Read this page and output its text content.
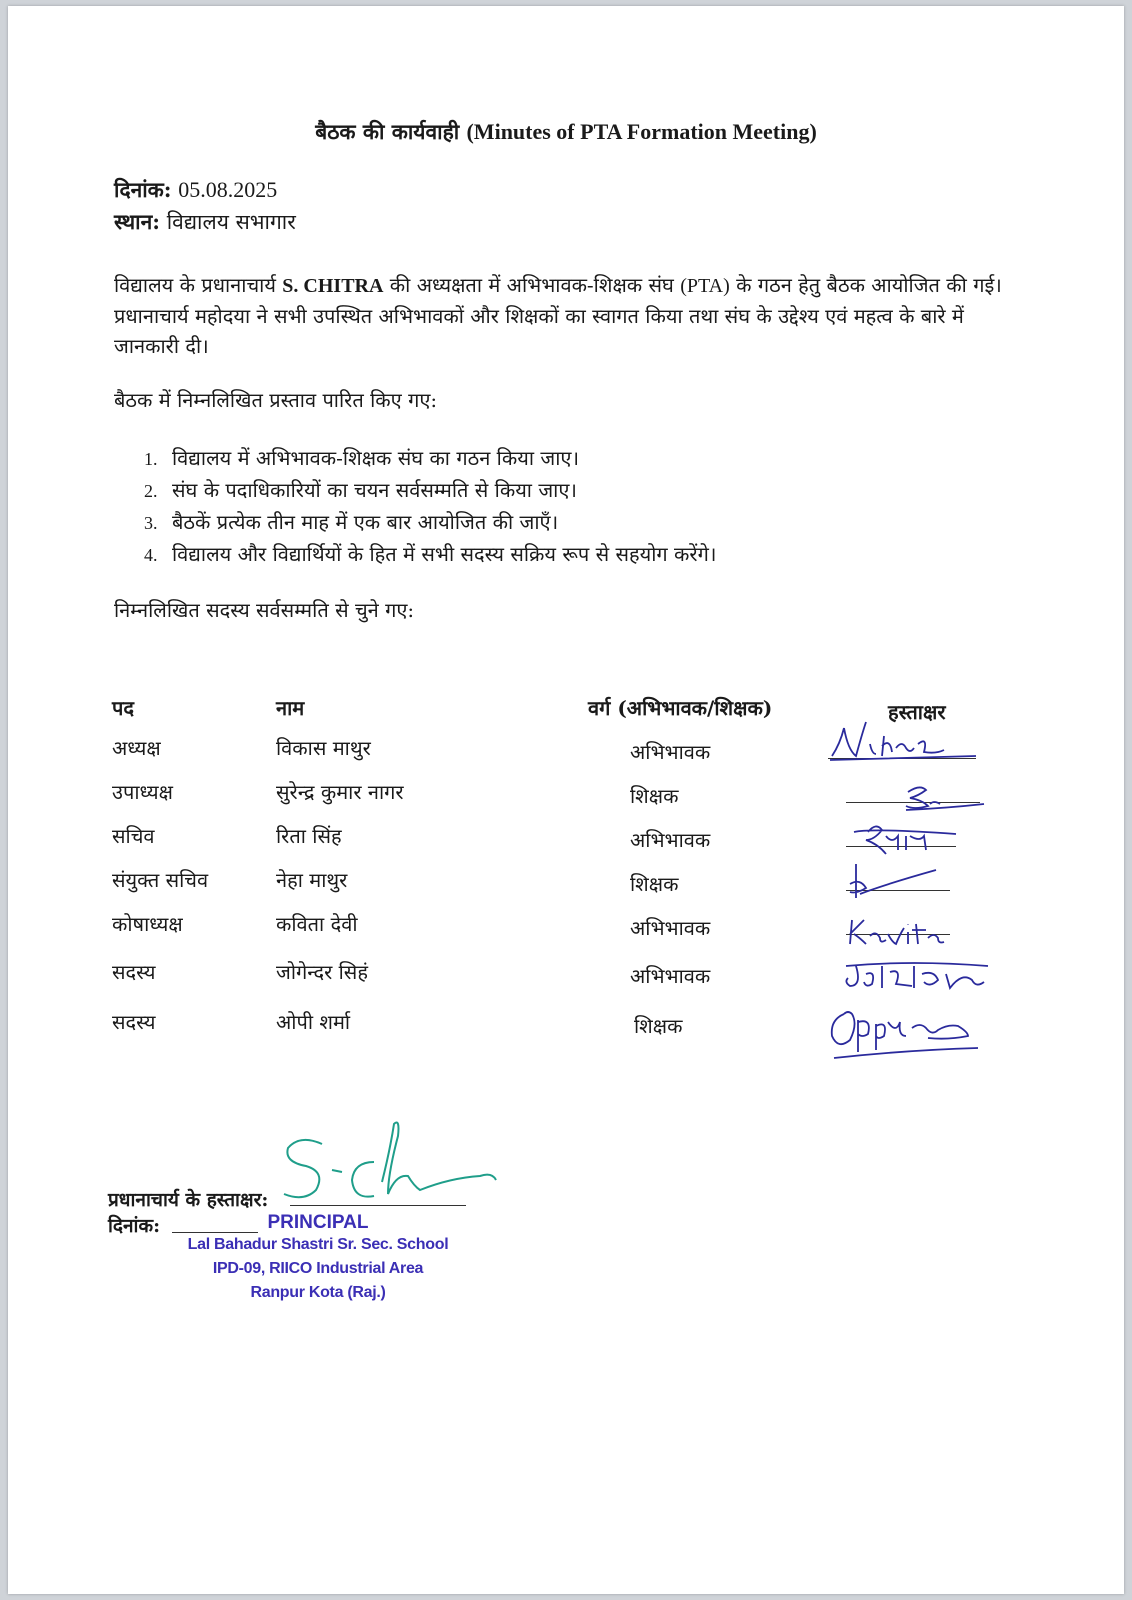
बैठक की कार्यवाही (Minutes of PTA Formation Meeting)
दिनांक: 05.08.2025
स्थान: विद्यालय सभागार
विद्यालय के प्रधानाचार्य S. CHITRA की अध्यक्षता में अभिभावक-शिक्षक संघ (PTA) के गठन हेतु बैठक आयोजित की गई। प्रधानाचार्य महोदया ने सभी उपस्थित अभिभावकों और शिक्षकों का स्वागत किया तथा संघ के उद्देश्य एवं महत्व के बारे में जानकारी दी।
बैठक में निम्नलिखित प्रस्ताव पारित किए गए:
1. विद्यालय में अभिभावक-शिक्षक संघ का गठन किया जाए।
2. संघ के पदाधिकारियों का चयन सर्वसम्मति से किया जाए।
3. बैठकें प्रत्येक तीन माह में एक बार आयोजित की जाएँ।
4. विद्यालय और विद्यार्थियों के हित में सभी सदस्य सक्रिय रूप से सहयोग करेंगे।
निम्नलिखित सदस्य सर्वसम्मति से चुने गए:
पद	नाम	वर्ग (अभिभावक/शिक्षक)	हस्ताक्षर
अध्यक्ष	विकास माथुर	अभिभावक
उपाध्यक्ष	सुरेन्द्र कुमार नागर	शिक्षक
सचिव	रिता सिंह	अभिभावक
संयुक्त सचिव	नेहा माथुर	शिक्षक
कोषाध्यक्ष	कविता देवी	अभिभावक
सदस्य	जोगेन्दर सिहं	अभिभावक
सदस्य	ओपी शर्मा	शिक्षक
प्रधानाचार्य के हस्ताक्षर:
दिनांक:	PRINCIPAL
Lal Bahadur Shastri Sr. Sec. School
IPD-09, RIICO Industrial Area
Ranpur Kota (Raj.)
